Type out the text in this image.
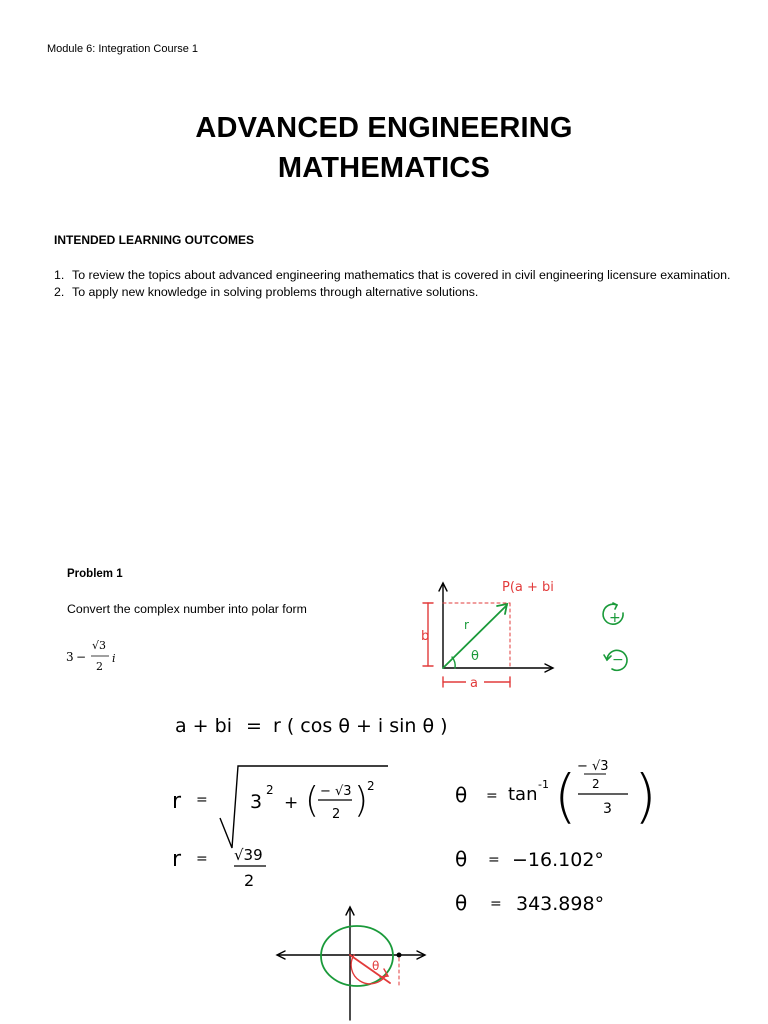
Module 6: Integration Course 1
ADVANCED ENGINEERING
MATHEMATICS
INTENDED LEARNING OUTCOMES
1. To review the topics about advanced engineering mathematics that is covered in civil engineering licensure examination.
2. To apply new knowledge in solving problems through alternative solutions.
Problem 1
Convert the complex number into polar form
3 −
√3
2
i	θ
r
P(a + bi
b
a
+
−
a + bi = r ( cos θ + i sin θ )
r = 3
2
+ ( − √3
2 )
2	θ = tan -1 ( − √3
2
3 )
r = √39
2
θ = −16.102°
θ = 343.898°
θ
